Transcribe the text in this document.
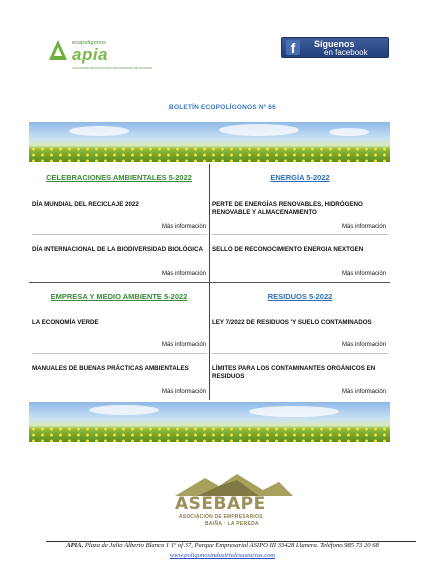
ecopolígonos
apia
ASOCIACIÓN DE POLÍGONOS INDUSTRIALES DE ASTURIAS
f	Síguenos
en facebook
BOLETÍN ECOPOLÍGONOS Nº 66
CELEBRACIONES AMBIENTALES 5-2022
DÍA MUNDIAL DEL RECICLAJE 2022
Más información
DÍA INTERNACIONAL DE LA BIODIVERSIDAD BIOLÓGICA
Más información
ENERGÍA 5-2022
PERTE DE ENERGÍAS RENOVABLES, HIDRÓGENO RENOVABLE Y ALMACENAMIENTO
Más información
SELLO DE RECONOCIMIENTO ENERGIA NEXTGEN
Más información
EMPRESA Y MEDIO AMBIENTE 5-2022
LA ECONOMÍA VERDE
Más información
MANUALES DE BUENAS PRÁCTICAS AMBIENTALES
Más información
RESIDUOS 5-2022
LEY 7/2022 DE RESIDUOS 'Y SUELO CONTAMINADOS
Más información
LÍMITES PARA LOS CONTAMINANTES ORGÁNICOS EN RESIDUOS
Más información
ASEBAPE
ASOCIACIÓN DE EMPRESARIOS
BAIÑA · LA PEREDA
APIA, Plaza de Julio Alberto Blanco 1 1º of 37, Parque Empresarial ASIPO III 33428 Llanera. Teléfono 985 73 20 68
www.poligonosindustrialesasturias.com
